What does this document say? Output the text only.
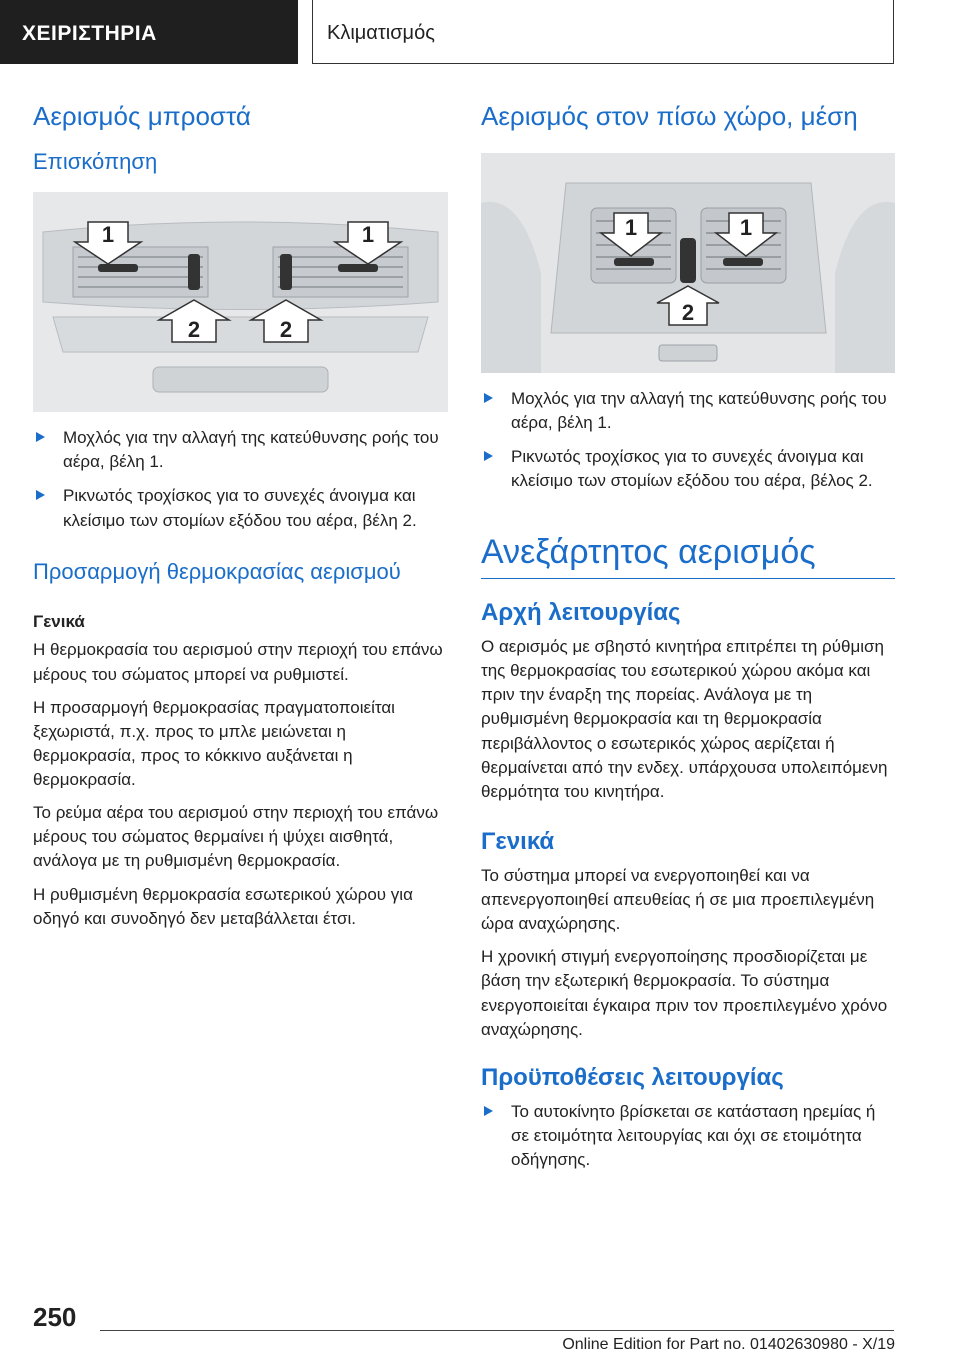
ΧΕΙΡΙΣΤΗΡΙΑ	Κλιματισμός
Αερισμός μπροστά
Επισκόπηση
1	1
2	2
Μοχλός για την αλλαγή της κατεύθυνσης ροής του αέρα, βέλη 1.
Ρικνωτός τροχίσκος για το συνεχές άνοιγμα και κλείσιμο των στομίων εξόδου του αέρα, βέλη 2.
Προσαρμογή θερμοκρασίας αερισμού
Γενικά

Η θερμοκρασία του αερισμού στην περιοχή του επάνω μέρους του σώματος μπορεί να ρυθμιστεί.

Η προσαρμογή θερμοκρασίας πραγματοποιείται ξεχωριστά, π.χ. προς το μπλε μειώνεται η θερμοκρασία, προς το κόκκινο αυξάνεται η θερμοκρασία.

Το ρεύμα αέρα του αερισμού στην περιοχή του επάνω μέρους του σώματος θερμαίνει ή ψύχει αισθητά, ανάλογα με τη ρυθμισμένη θερμοκρασία.

Η ρυθμισμένη θερμοκρασία εσωτερικού χώρου για οδηγό και συνοδηγό δεν μεταβάλλεται έτσι.

Αερισμός στον πίσω χώρο, μέση
1	1
2
Μοχλός για την αλλαγή της κατεύθυνσης ροής του αέρα, βέλη 1.
Ρικνωτός τροχίσκος για το συνεχές άνοιγμα και κλείσιμο των στομίων εξόδου του αέρα, βέλος 2.
Ανεξάρτητος αερισμός
Αρχή λειτουργίας

Ο αερισμός με σβηστό κινητήρα επιτρέπει τη ρύθμιση της θερμοκρασίας του εσωτερικού χώρου ακόμα και πριν την έναρξη της πορείας. Ανάλογα με τη ρυθμισμένη θερμοκρασία και τη θερμοκρασία περιβάλλοντος ο εσωτερικός χώρος αερίζεται ή θερμαίνεται από την ενδεχ. υπάρχουσα υπολειπόμενη θερμότητα του κινητήρα.

Γενικά

Το σύστημα μπορεί να ενεργοποιηθεί και να απενεργοποιηθεί απευθείας ή σε μια προεπιλεγμένη ώρα αναχώρησης.

Η χρονική στιγμή ενεργοποίησης προσδιορίζεται με βάση την εξωτερική θερμοκρασία. Το σύστημα ενεργοποιείται έγκαιρα πριν τον προεπιλεγμένο χρόνο αναχώρησης.

Προϋποθέσεις λειτουργίας
Το αυτοκίνητο βρίσκεται σε κατάσταση ηρεμίας ή σε ετοιμότητα λειτουργίας και όχι σε ετοιμότητα οδήγησης.
250
Online Edition for Part no. 01402630980 - X/19
